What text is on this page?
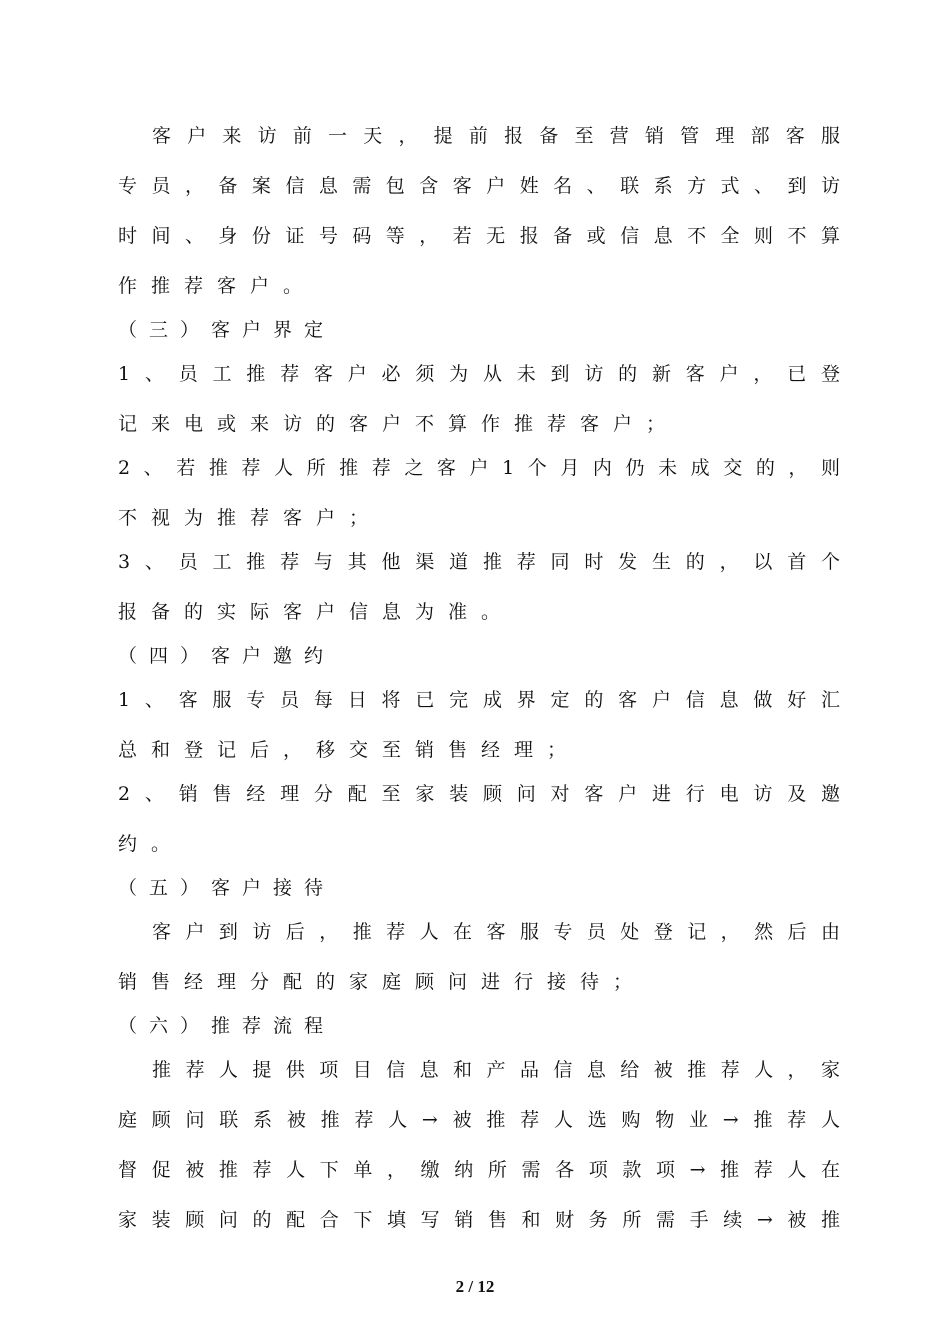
客户来访前一天，提前报备至营销管理部客服
专员，备案信息需包含客户姓名、联系方式、到访
时间、身份证号码等，若无报备或信息不全则不算
作推荐客户。
（三）客户界定
1、员工推荐客户必须为从未到访的新客户，已登
记来电或来访的客户不算作推荐客户；
2、若推荐人所推荐之客户1个月内仍未成交的，则
不视为推荐客户；
3、员工推荐与其他渠道推荐同时发生的，以首个
报备的实际客户信息为准。
（四）客户邀约
1、客服专员每日将已完成界定的客户信息做好汇
总和登记后，移交至销售经理；
2、销售经理分配至家装顾问对客户进行电访及邀
约。
（五）客户接待
客户到访后，推荐人在客服专员处登记，然后由
销售经理分配的家庭顾问进行接待；
（六）推荐流程
推荐人提供项目信息和产品信息给被推荐人，家
庭顾问联系被推荐人→被推荐人选购物业→推荐人
督促被推荐人下单，缴纳所需各项款项→推荐人在
家装顾问的配合下填写销售和财务所需手续→被推
2 / 12
